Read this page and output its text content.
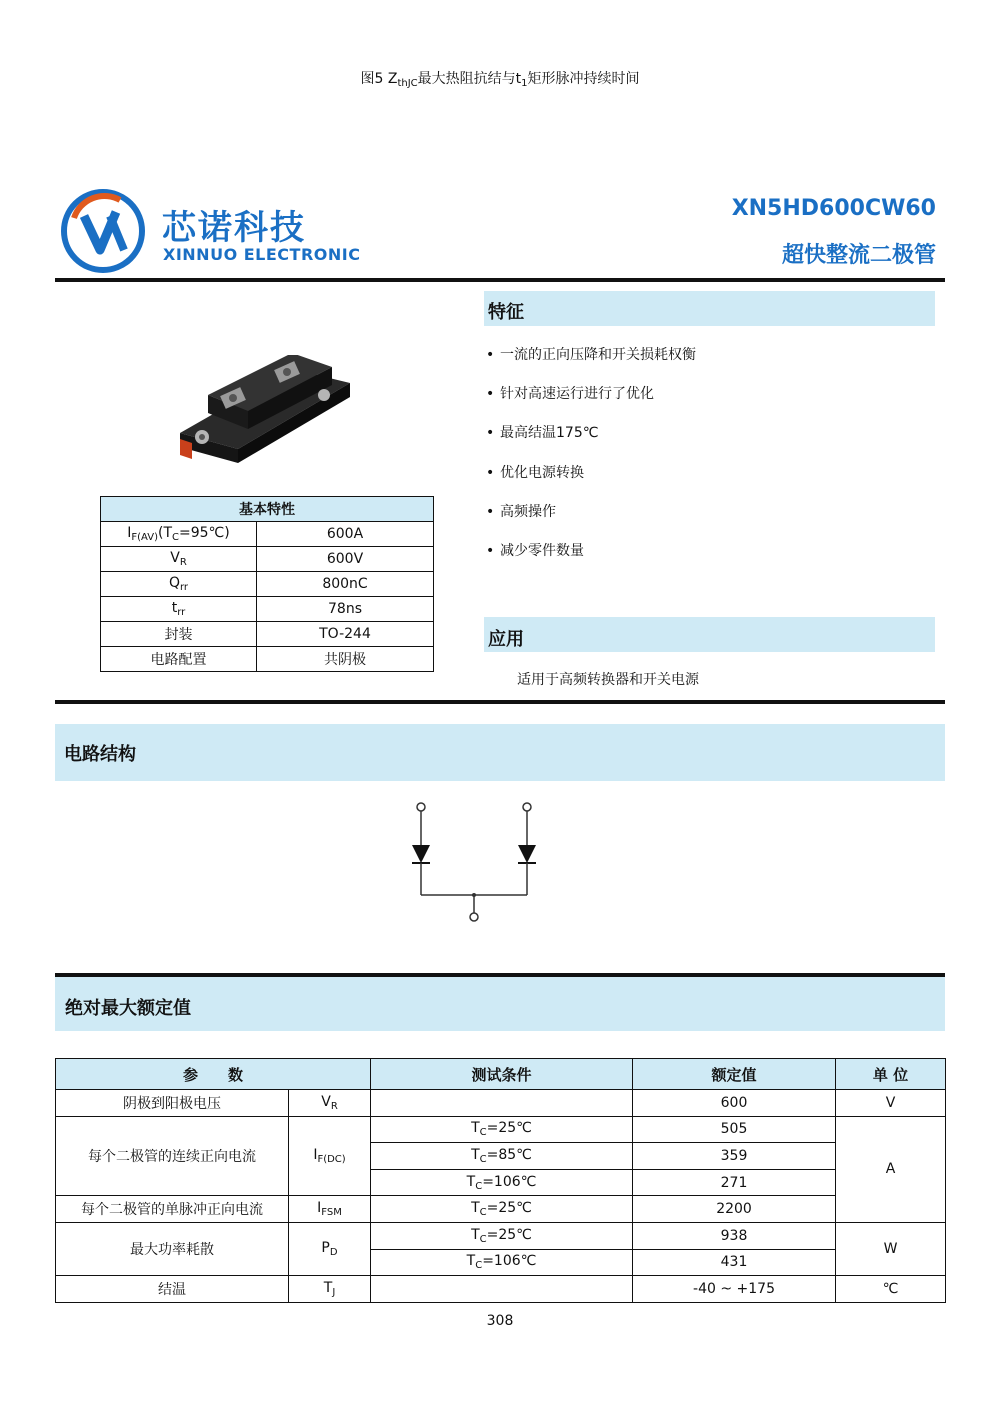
图5 $Z_{thJC}$最大热阻抗结与$t_1$矩形脉冲持续时间
芯诺科技
XINNUO ELECTRONIC
XN5HD600CW60
超快整流二极管
基本特性	
$I_{F(AV)}(T_C=95℃)$	600A
$V_R$	600V
$Q_{rr}$	800nC
$t_{rr}$	78ns
封装	TO-244
电路配置	共阴极
特征
• 一流的正向压降和开关损耗权衡
• 针对高速运行进行了优化
• 最高结温175℃
• 优化电源转换
• 高频操作
• 减少零件数量
应用
适用于高频转换器和开关电源
电路结构
绝对最大额定值
参　　数		测试条件	额定值	单 位
阴极到阳极电压	$V_R$		600	V
每个二极管的连续正向电流	$I_{F(DC)}$	$T_C=25℃$	505	A
		$T_C=85℃$	359	
		$T_C=106℃$	271	
每个二极管的单脉冲正向电流	$I_{FSM}$	$T_C=25℃$	2200	
最大功率耗散	$P_D$	$T_C=25℃$	938	W
		$T_C=106℃$	431	
结温	$T_J$		-40 ~ +175	℃
308
